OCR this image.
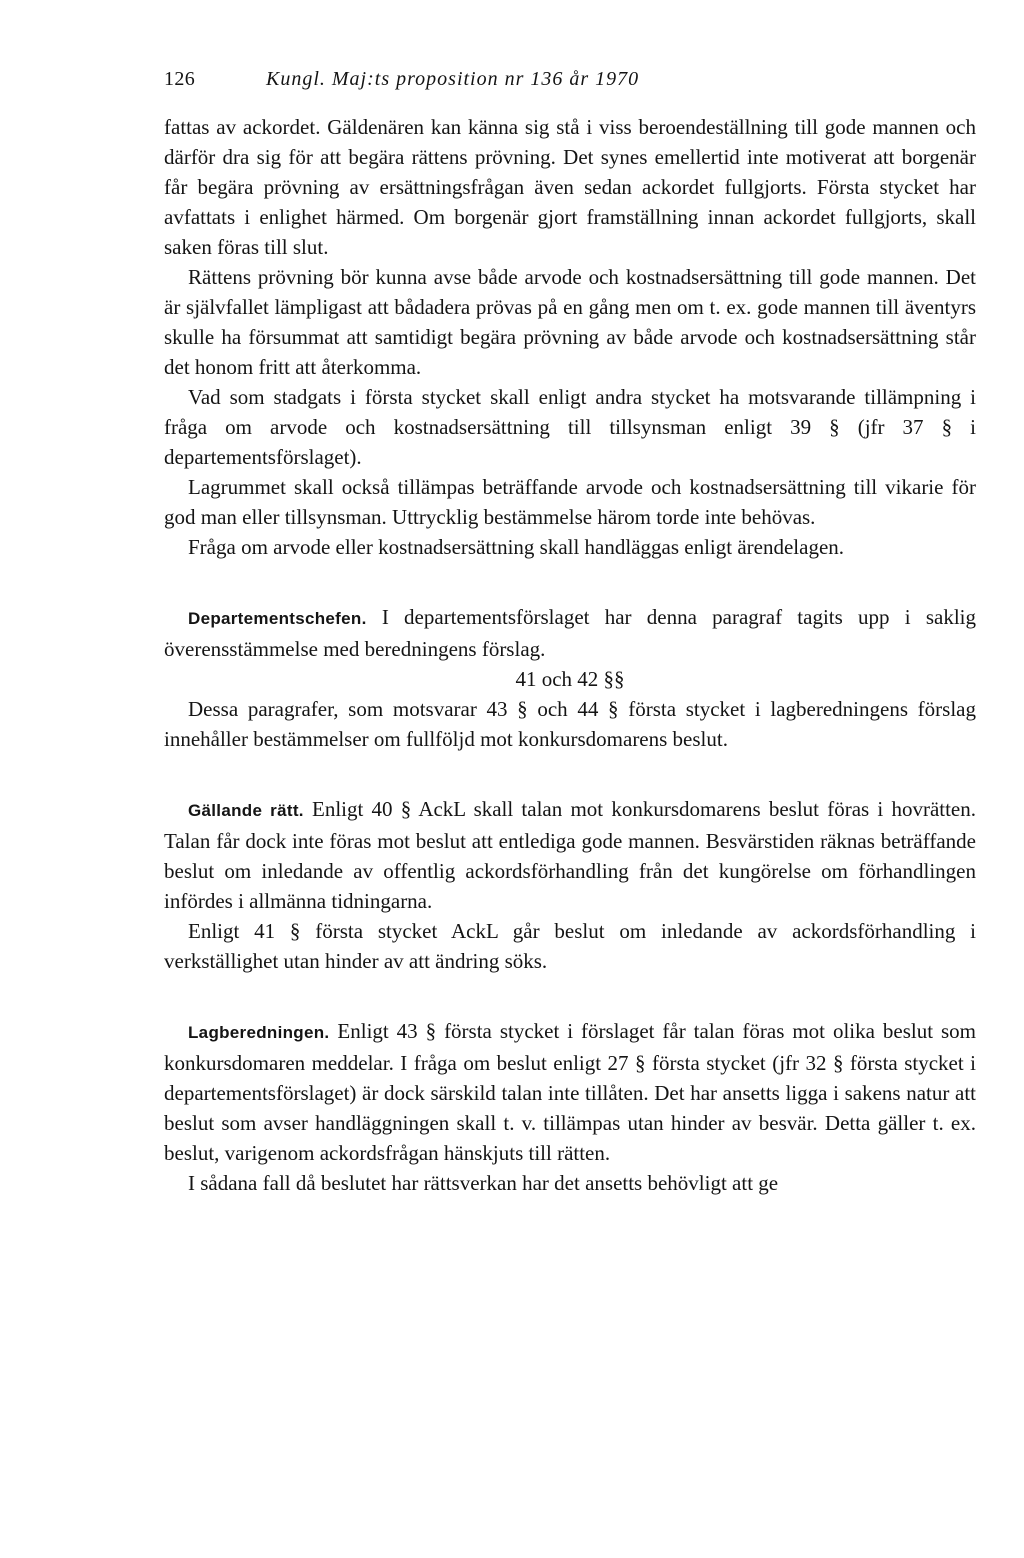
126	Kungl. Maj:ts proposition nr 136 år 1970

fattas av ackordet. Gäldenären kan känna sig stå i viss beroendeställning till gode mannen och därför dra sig för att begära rättens prövning. Det synes emellertid inte motiverat att borgenär får begära prövning av ersättningsfrågan även sedan ackordet fullgjorts. Första stycket har avfattats i enlighet härmed. Om borgenär gjort framställning innan ackordet fullgjorts, skall saken föras till slut.

Rättens prövning bör kunna avse både arvode och kostnadsersättning till gode mannen. Det är självfallet lämpligast att bådadera prövas på en gång men om t. ex. gode mannen till äventyrs skulle ha försummat att samtidigt begära prövning av både arvode och kostnadsersättning står det honom fritt att återkomma.

Vad som stadgats i första stycket skall enligt andra stycket ha motsvarande tillämpning i fråga om arvode och kostnadsersättning till tillsynsman enligt 39 § (jfr 37 § i departementsförslaget).

Lagrummet skall också tillämpas beträffande arvode och kostnadsersättning till vikarie för god man eller tillsynsman. Uttrycklig bestämmelse härom torde inte behövas.

Fråga om arvode eller kostnadsersättning skall handläggas enligt ärendelagen.

Departementschefen. I departementsförslaget har denna paragraf tagits upp i saklig överensstämmelse med beredningens förslag.

41 och 42 §§

Dessa paragrafer, som motsvarar 43 § och 44 § första stycket i lagberedningens förslag innehåller bestämmelser om fullföljd mot konkursdomarens beslut.

Gällande rätt. Enligt 40 § AckL skall talan mot konkursdomarens beslut föras i hovrätten. Talan får dock inte föras mot beslut att entlediga gode mannen. Besvärstiden räknas beträffande beslut om inledande av offentlig ackordsförhandling från det kungörelse om förhandlingen infördes i allmänna tidningarna.

Enligt 41 § första stycket AckL går beslut om inledande av ackordsförhandling i verkställighet utan hinder av att ändring söks.

Lagberedningen. Enligt 43 § första stycket i förslaget får talan föras mot olika beslut som konkursdomaren meddelar. I fråga om beslut enligt 27 § första stycket (jfr 32 § första stycket i departementsförslaget) är dock särskild talan inte tillåten. Det har ansetts ligga i sakens natur att beslut som avser handläggningen skall t. v. tillämpas utan hinder av besvär. Detta gäller t. ex. beslut, varigenom ackordsfrågan hänskjuts till rätten.

I sådana fall då beslutet har rättsverkan har det ansetts behövligt att ge
